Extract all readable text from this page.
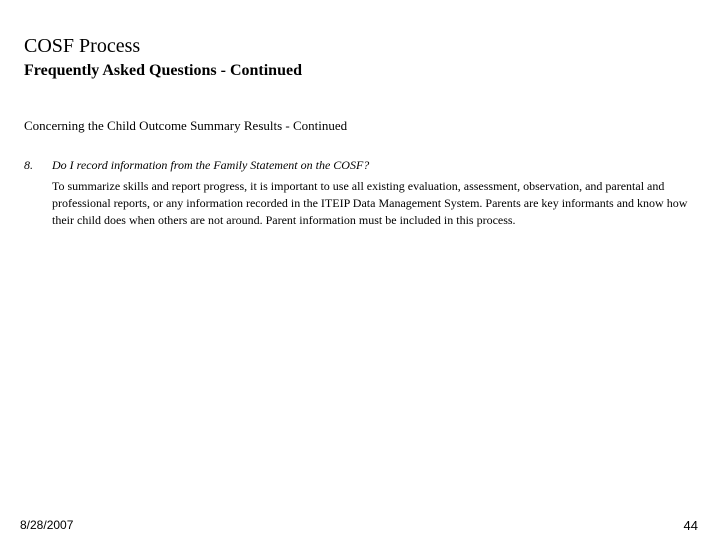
COSF Process
Frequently Asked Questions - Continued
Concerning the Child Outcome Summary Results - Continued
8. Do I record information from the Family Statement on the COSF?
To summarize skills and report progress, it is important to use all existing evaluation, assessment, observation, and parental and professional reports, or any information recorded in the ITEIP Data Management System. Parents are key informants and know how their child does when others are not around. Parent information must be included in this process.
8/28/2007	44
